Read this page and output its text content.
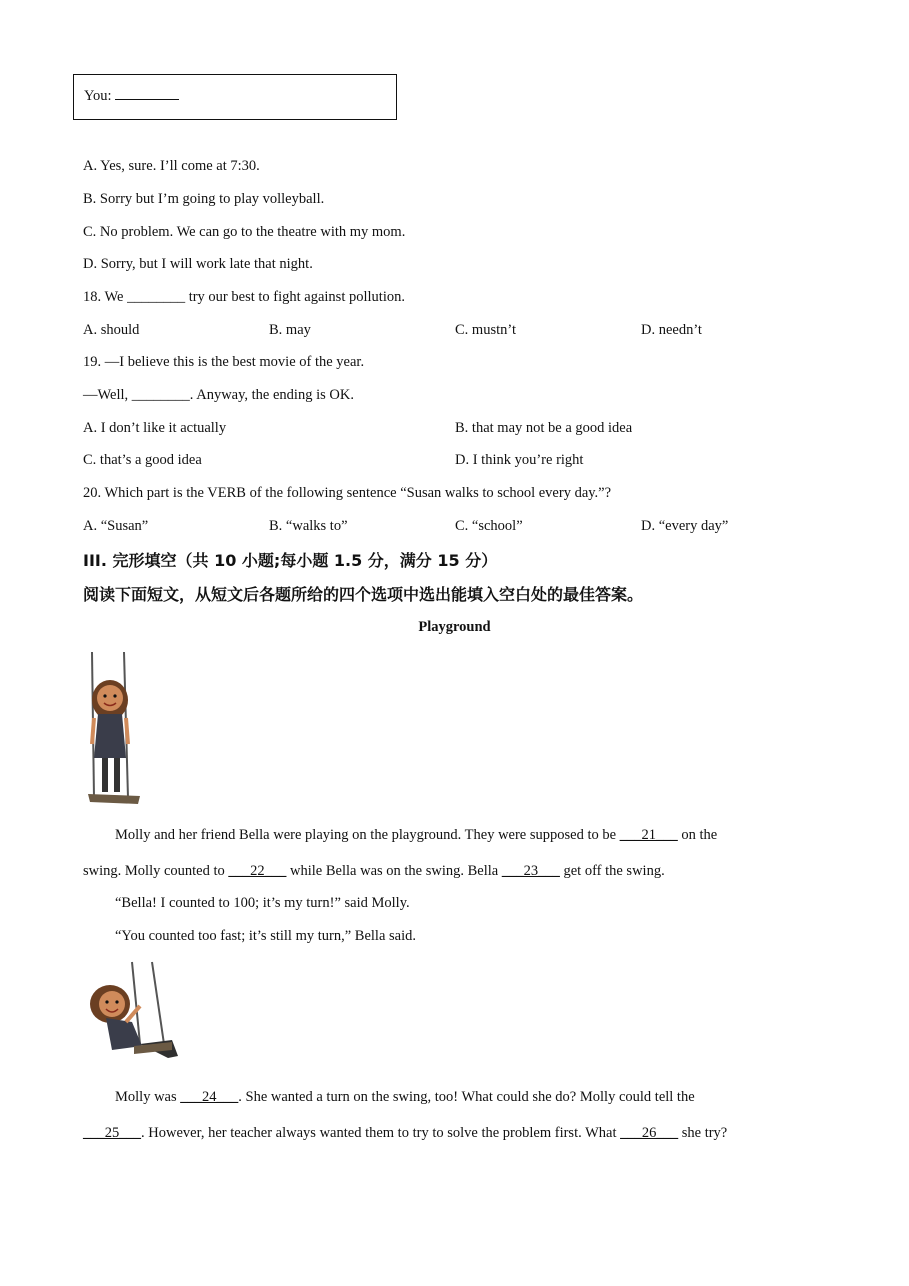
You:
A. Yes, sure. I’ll come at 7:30.
B. Sorry but I’m going to play volleyball.
C. No problem. We can go to the theatre with my mom.
D. Sorry, but I will work late that night.
18. We ________ try our best to fight against pollution.
A. should	B. may	C. mustn’t	D. needn’t
19. —I believe this is the best movie of the year.
—Well, ________. Anyway, the ending is OK.
A. I don’t like it actually	B. that may not be a good idea
C. that’s a good idea	D. I think you’re right
20. Which part is the VERB of the following sentence “Susan walks to school every day.”?
A. “Susan”	B. “walks to”	C. “school”	D. “every day”
III. 完形填空（共 10 小题;每小题 1.5 分，满分 15 分）
阅读下面短文，从短文后各题所给的四个选项中选出能填入空白处的最佳答案。
Playground
Molly and her friend Bella were playing on the playground. They were supposed to be ___21___ on the
swing. Molly counted to ___22___ while Bella was on the swing. Bella ___23___ get off the swing.
“Bella! I counted to 100; it’s my turn!” said Molly.
“You counted too fast; it’s still my turn,” Bella said.
Molly was ___24___. She wanted a turn on the swing, too! What could she do? Molly could tell the
___25___. However, her teacher always wanted them to try to solve the problem first. What ___26___ she try?
